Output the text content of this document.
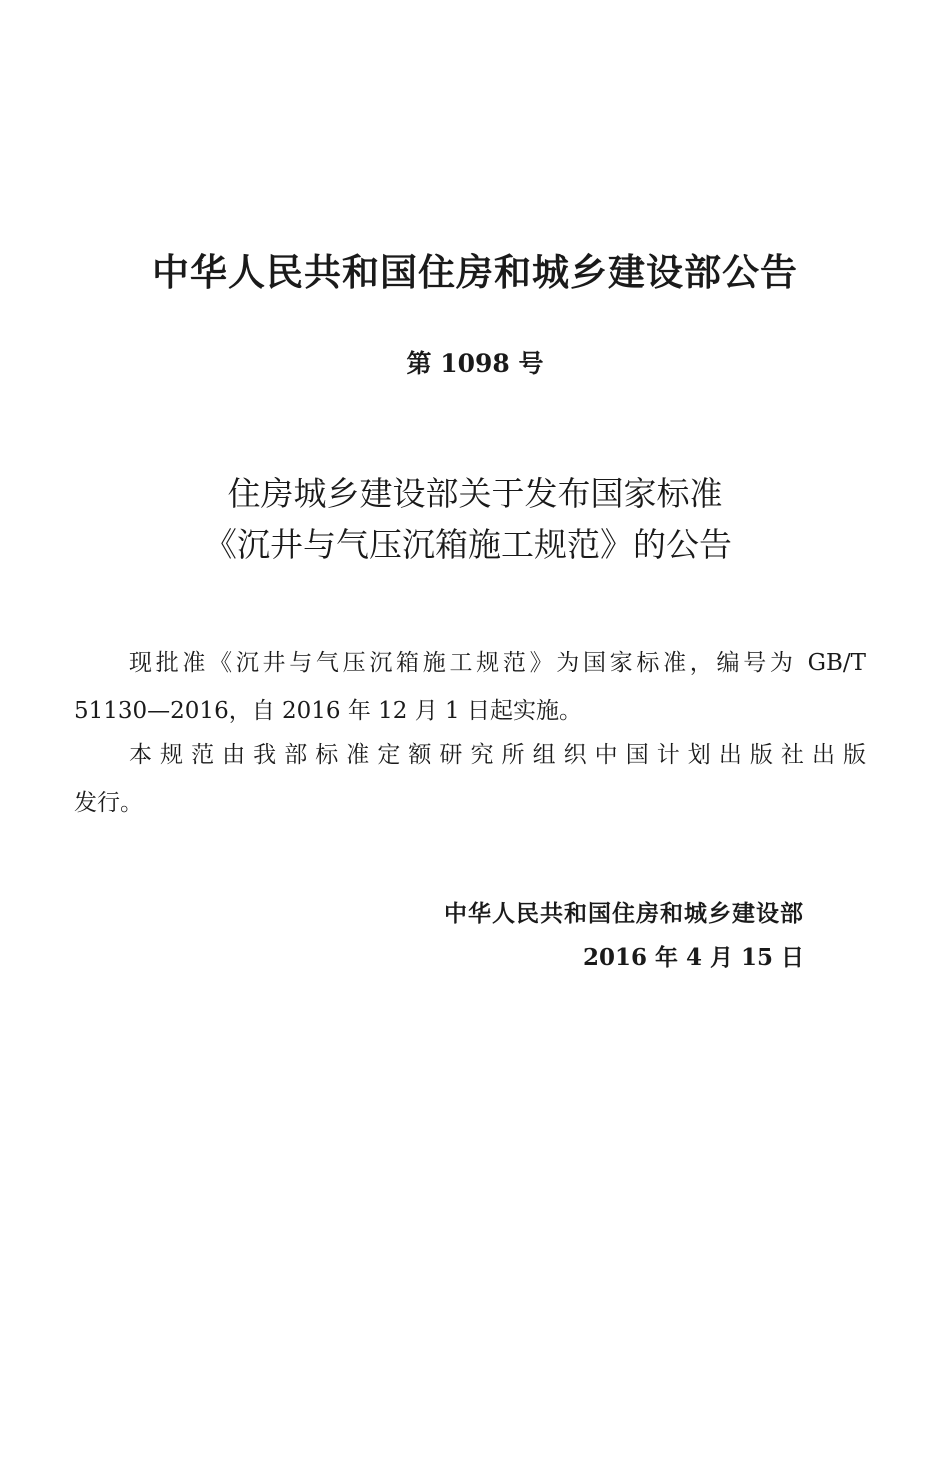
中华人民共和国住房和城乡建设部公告
第 1098 号
住房城乡建设部关于发布国家标准
《沉井与气压沉箱施工规范》的公告
现批准《沉井与气压沉箱施工规范》为国家标准，编号为 GB/T
51130—2016，自 2016 年 12 月 1 日起实施。
本规范由我部标准定额研究所组织中国计划出版社出版
发行。
中华人民共和国住房和城乡建设部
2016 年 4 月 15 日
